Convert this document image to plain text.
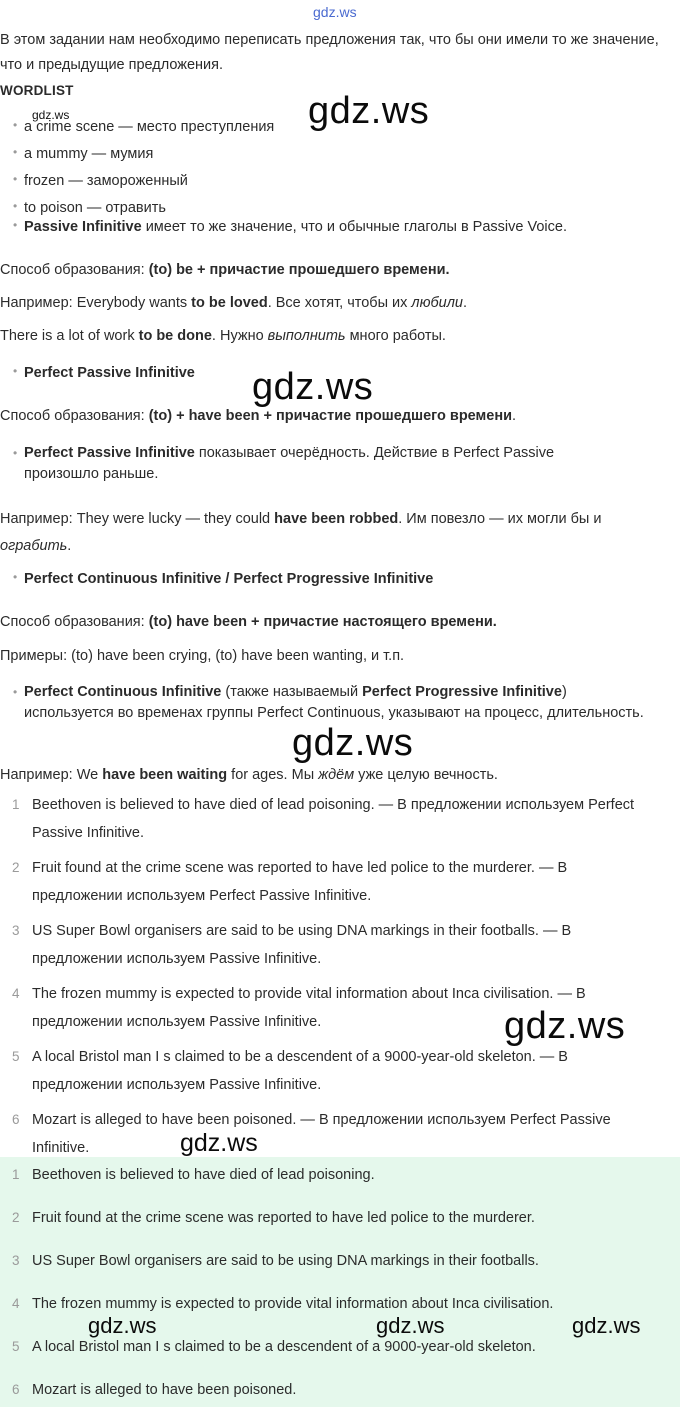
gdz.ws

В этом задании нам необходимо переписать предложения так, что бы они имели то же значение, что и предыдущие предложения.

WORDLIST
gdz.ws
• a crime scene — место преступления
• a mummy — мумия
• frozen — замороженный
• to poison — отравить
• Passive Infinitive имеет то же значение, что и обычные глаголы в Passive Voice.
gdz.ws
Способ образования: (to) be + причастие прошедшего времени.
Например: Everybody wants to be loved. Все хотят, чтобы их любили.
There is a lot of work to be done. Нужно выполнить много работы.
• Perfect Passive Infinitive	gdz.ws
Способ образования: (to) + have been + причастие прошедшего времени.
• Perfect Passive Infinitive показывает очерёдность. Действие в Perfect Passive произошло раньше.
Например: They were lucky — they could have been robbed. Им повезло — их могли бы и ограбить.
• Perfect Continuous Infinitive / Perfect Progressive Infinitive
Способ образования: (to) have been + причастие настоящего времени.
Примеры: (to) have been crying, (to) have been wanting, и т.п.
• Perfect Continuous Infinitive (также называемый Perfect Progressive Infinitive) используется во временах группы Perfect Continuous, указывают на процесс, длительность.
gdz.ws
Например: We have been waiting for ages. Мы ждём уже целую вечность.
1 Beethoven is believed to have died of lead poisoning. — В предложении используем Perfect Passive Infinitive.
2 Fruit found at the crime scene was reported to have led police to the murderer. — В предложении используем Perfect Passive Infinitive.
3 US Super Bowl organisers are said to be using DNA markings in their footballs. — В предложении используем Passive Infinitive.
4 The frozen mummy is expected to provide vital information about Inca civilisation. — В предложении используем Passive Infinitive.
5 A local Bristol man I s claimed to be a descendent of a 9000-year-old skeleton. — В предложении используем Passive Infinitive.
6 Mozart is alleged to have been poisoned. — В предложении используем Perfect Passive Infinitive.
gdz.ws
gdz.ws
1 Beethoven is believed to have died of lead poisoning.
2 Fruit found at the crime scene was reported to have led police to the murderer.
3 US Super Bowl organisers are said to be using DNA markings in their footballs.
4 The frozen mummy is expected to provide vital information about Inca civilisation.
5 A local Bristol man I s claimed to be a descendent of a 9000-year-old skeleton.
6 Mozart is alleged to have been poisoned.
gdz.ws	gdz.ws	gdz.ws
